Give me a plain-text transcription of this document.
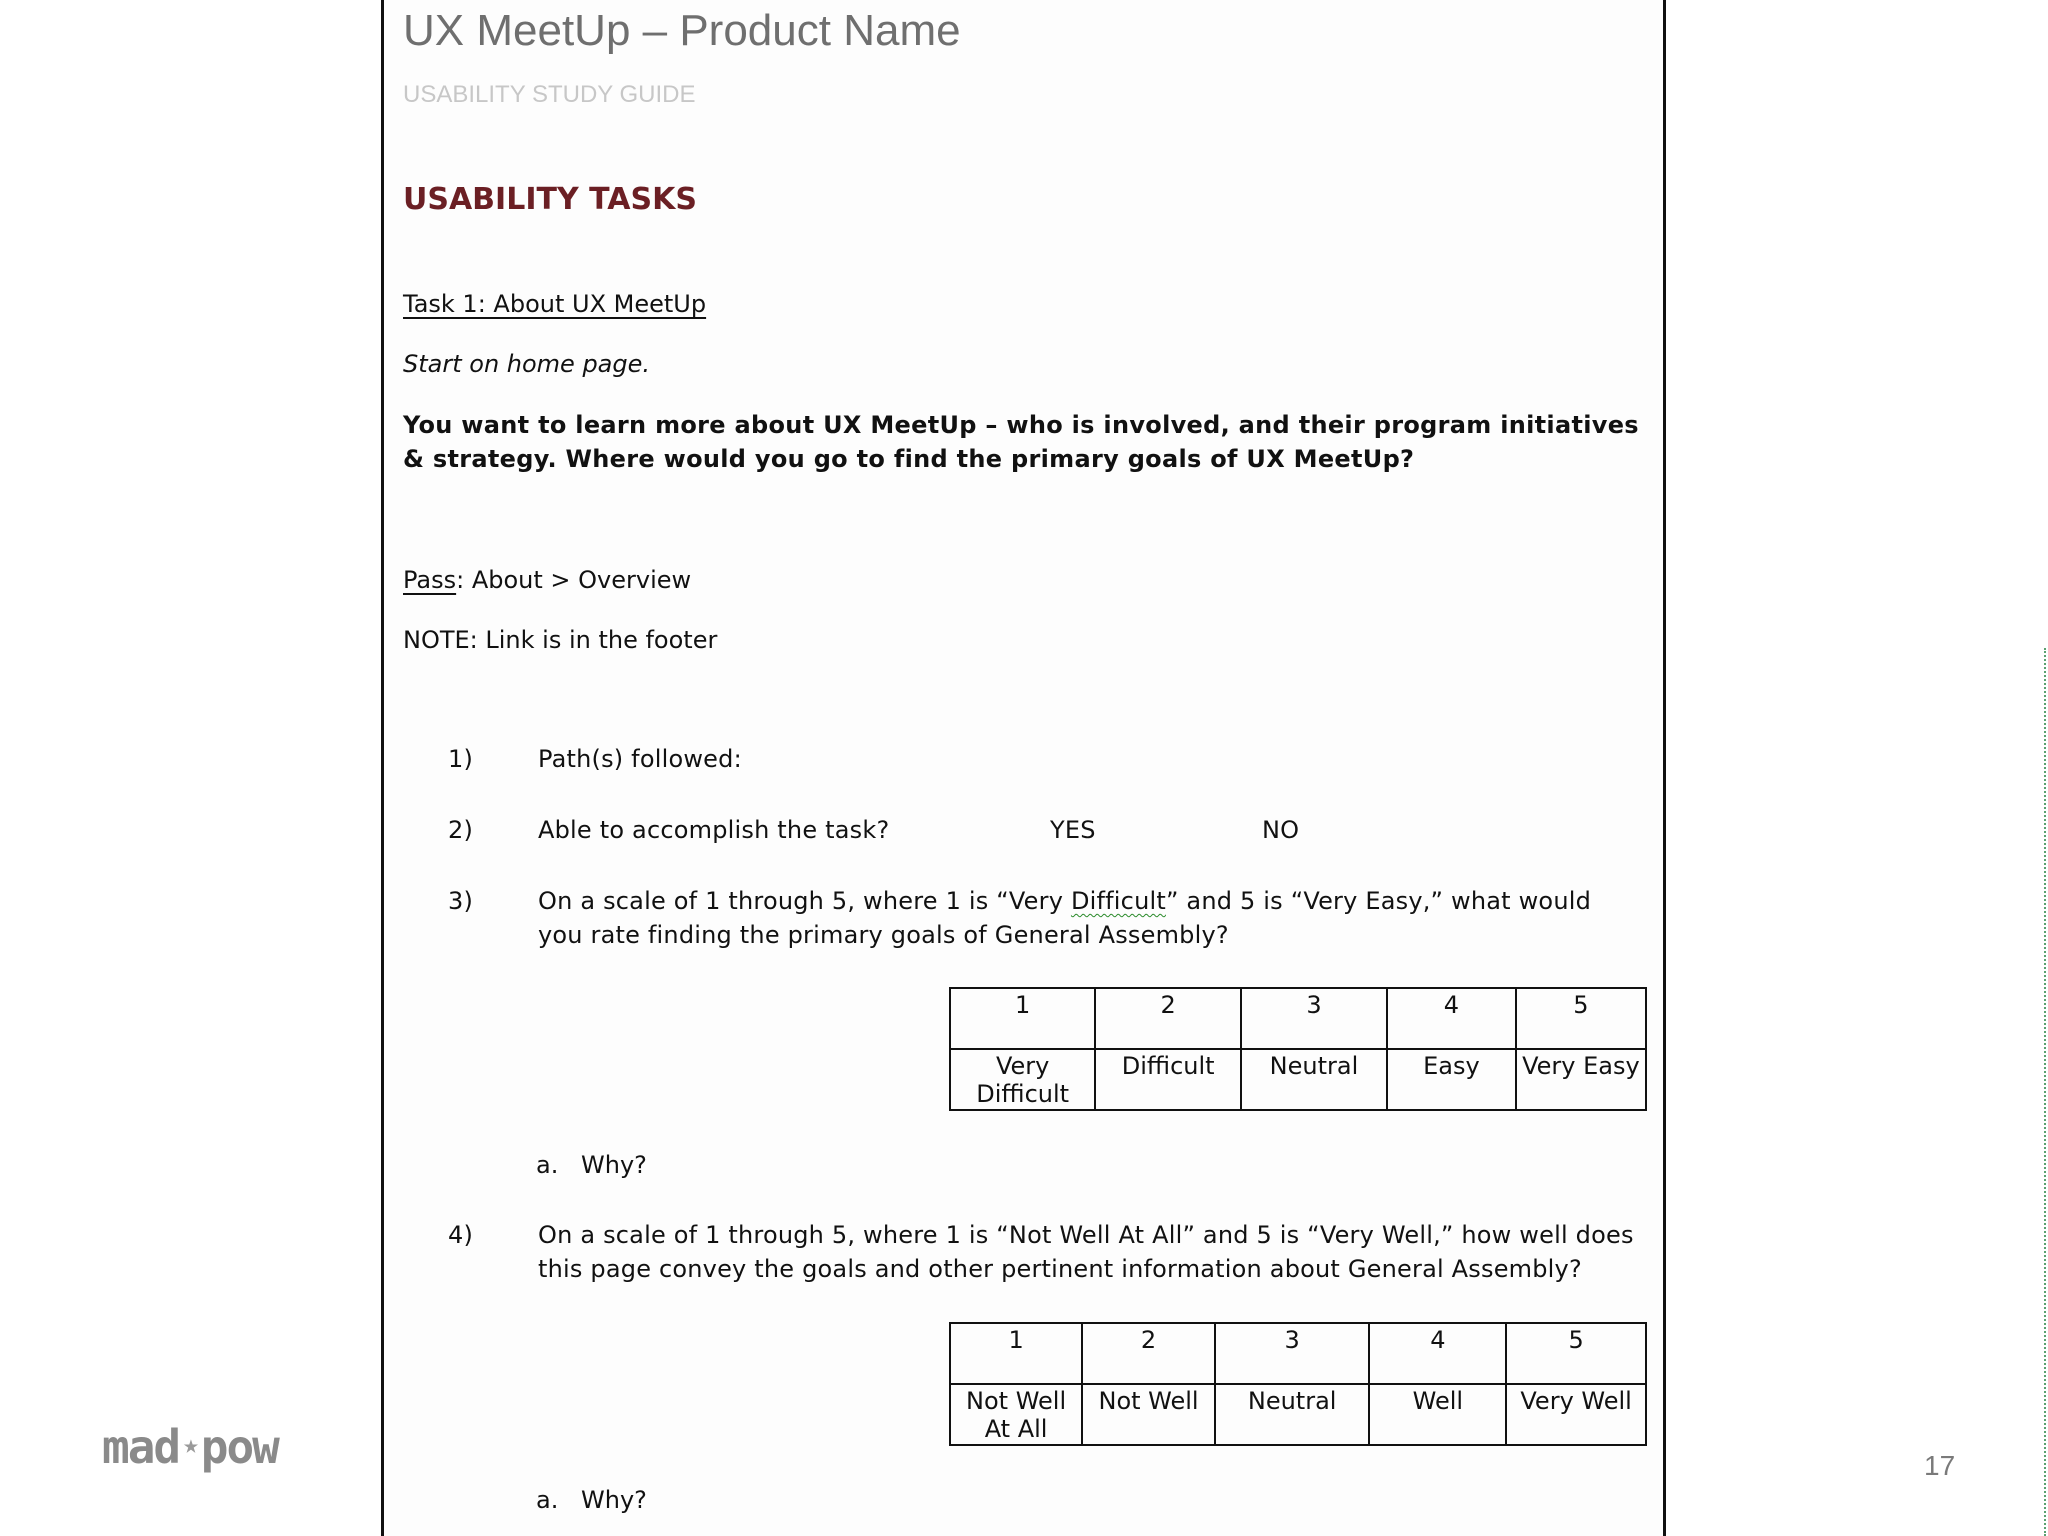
UX MeetUp – Product Name
USABILITY STUDY GUIDE
USABILITY TASKS
Task 1: About UX MeetUp
Start on home page.
You want to learn more about UX MeetUp – who is involved, and their program initiatives & strategy. Where would you go to find the primary goals of UX MeetUp?
Pass: About > Overview
NOTE: Link is in the footer
1)	Path(s) followed:
2)	Able to accomplish the task?	YES	NO
3)	On a scale of 1 through 5, where 1 is “Very Difficult” and 5 is “Very Easy,” what would you rate finding the primary goals of General Assembly?
1	2	3	4	5
Very Difficult	Difficult	Neutral	Easy	Very Easy
a. Why?
4)	On a scale of 1 through 5, where 1 is “Not Well At All” and 5 is “Very Well,” how well does this page convey the goals and other pertinent information about General Assembly?
1	2	3	4	5
Not Well At All	Not Well	Neutral	Well	Very Well
a. Why?
mad ★pow	17
